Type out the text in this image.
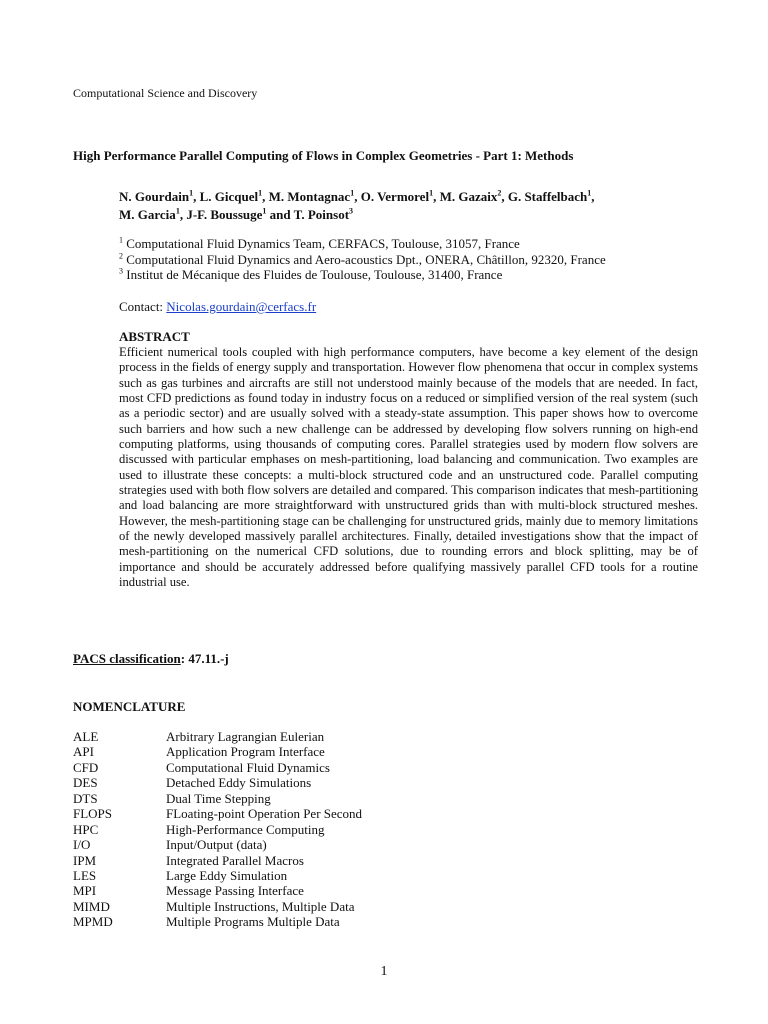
Computational Science and Discovery
High Performance Parallel Computing of Flows in Complex Geometries - Part 1: Methods
N. Gourdain$^1$, L. Gicquel$^1$, M. Montagnac$^1$, O. Vermorel$^1$, M. Gazaix$^2$, G. Staffelbach$^1$,
M. Garcia$^1$, J-F. Boussuge$^1$ and T. Poinsot$^3$
$^1$ Computational Fluid Dynamics Team, CERFACS, Toulouse, 31057, France
$^2$ Computational Fluid Dynamics and Aero-acoustics Dpt., ONERA, Châtillon, 92320, France
$^3$ Institut de Mécanique des Fluides de Toulouse, Toulouse, 31400, France
Contact: Nicolas.gourdain@cerfacs.fr
ABSTRACT
Efficient numerical tools coupled with high performance computers, have become a key element of the design process in the fields of energy supply and transportation. However flow phenomena that occur in complex systems such as gas turbines and aircrafts are still not understood mainly because of the models that are needed. In fact, most CFD predictions as found today in industry focus on a reduced or simplified version of the real system (such as a periodic sector) and are usually solved with a steady-state assumption. This paper shows how to overcome such barriers and how such a new challenge can be addressed by developing flow solvers running on high-end computing platforms, using thousands of computing cores. Parallel strategies used by modern flow solvers are discussed with particular emphases on mesh-partitioning, load balancing and communication. Two examples are used to illustrate these concepts: a multi-block structured code and an unstructured code. Parallel computing strategies used with both flow solvers are detailed and compared. This comparison indicates that mesh-partitioning and load balancing are more straightforward with unstructured grids than with multi-block structured meshes. However, the mesh-partitioning stage can be challenging for unstructured grids, mainly due to memory limitations of the newly developed massively parallel architectures. Finally, detailed investigations show that the impact of mesh-partitioning on the numerical CFD solutions, due to rounding errors and block splitting, may be of importance and should be accurately addressed before qualifying massively parallel CFD tools for a routine industrial use.
PACS classification: 47.11.-j
NOMENCLATURE
ALE	Arbitrary Lagrangian Eulerian
API	Application Program Interface
CFD	Computational Fluid Dynamics
DES	Detached Eddy Simulations
DTS	Dual Time Stepping
FLOPS	FLoating-point Operation Per Second
HPC	High-Performance Computing
I/O	Input/Output (data)
IPM	Integrated Parallel Macros
LES	Large Eddy Simulation
MPI	Message Passing Interface
MIMD	Multiple Instructions, Multiple Data
MPMD	Multiple Programs Multiple Data
1
